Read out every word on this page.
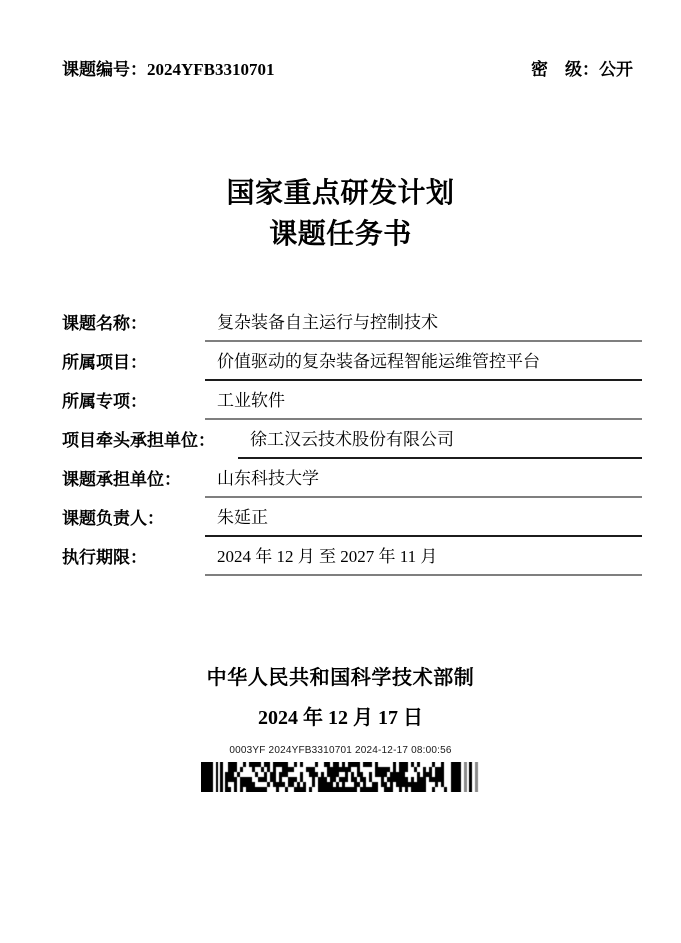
课题编号：2024YFB3310701	密　级：公开
国家重点研发计划
课题任务书
课题名称：	复杂装备自主运行与控制技术
所属项目：	价值驱动的复杂装备远程智能运维管控平台
所属专项：	工业软件
项目牵头承担单位：	徐工汉云技术股份有限公司
课题承担单位：	山东科技大学
课题负责人：	朱延正
执行期限：	2024 年 12 月 至 2027 年 11 月
中华人民共和国科学技术部制
2024 年 12 月 17 日
0003YF 2024YFB3310701 2024-12-17 08:00:56
